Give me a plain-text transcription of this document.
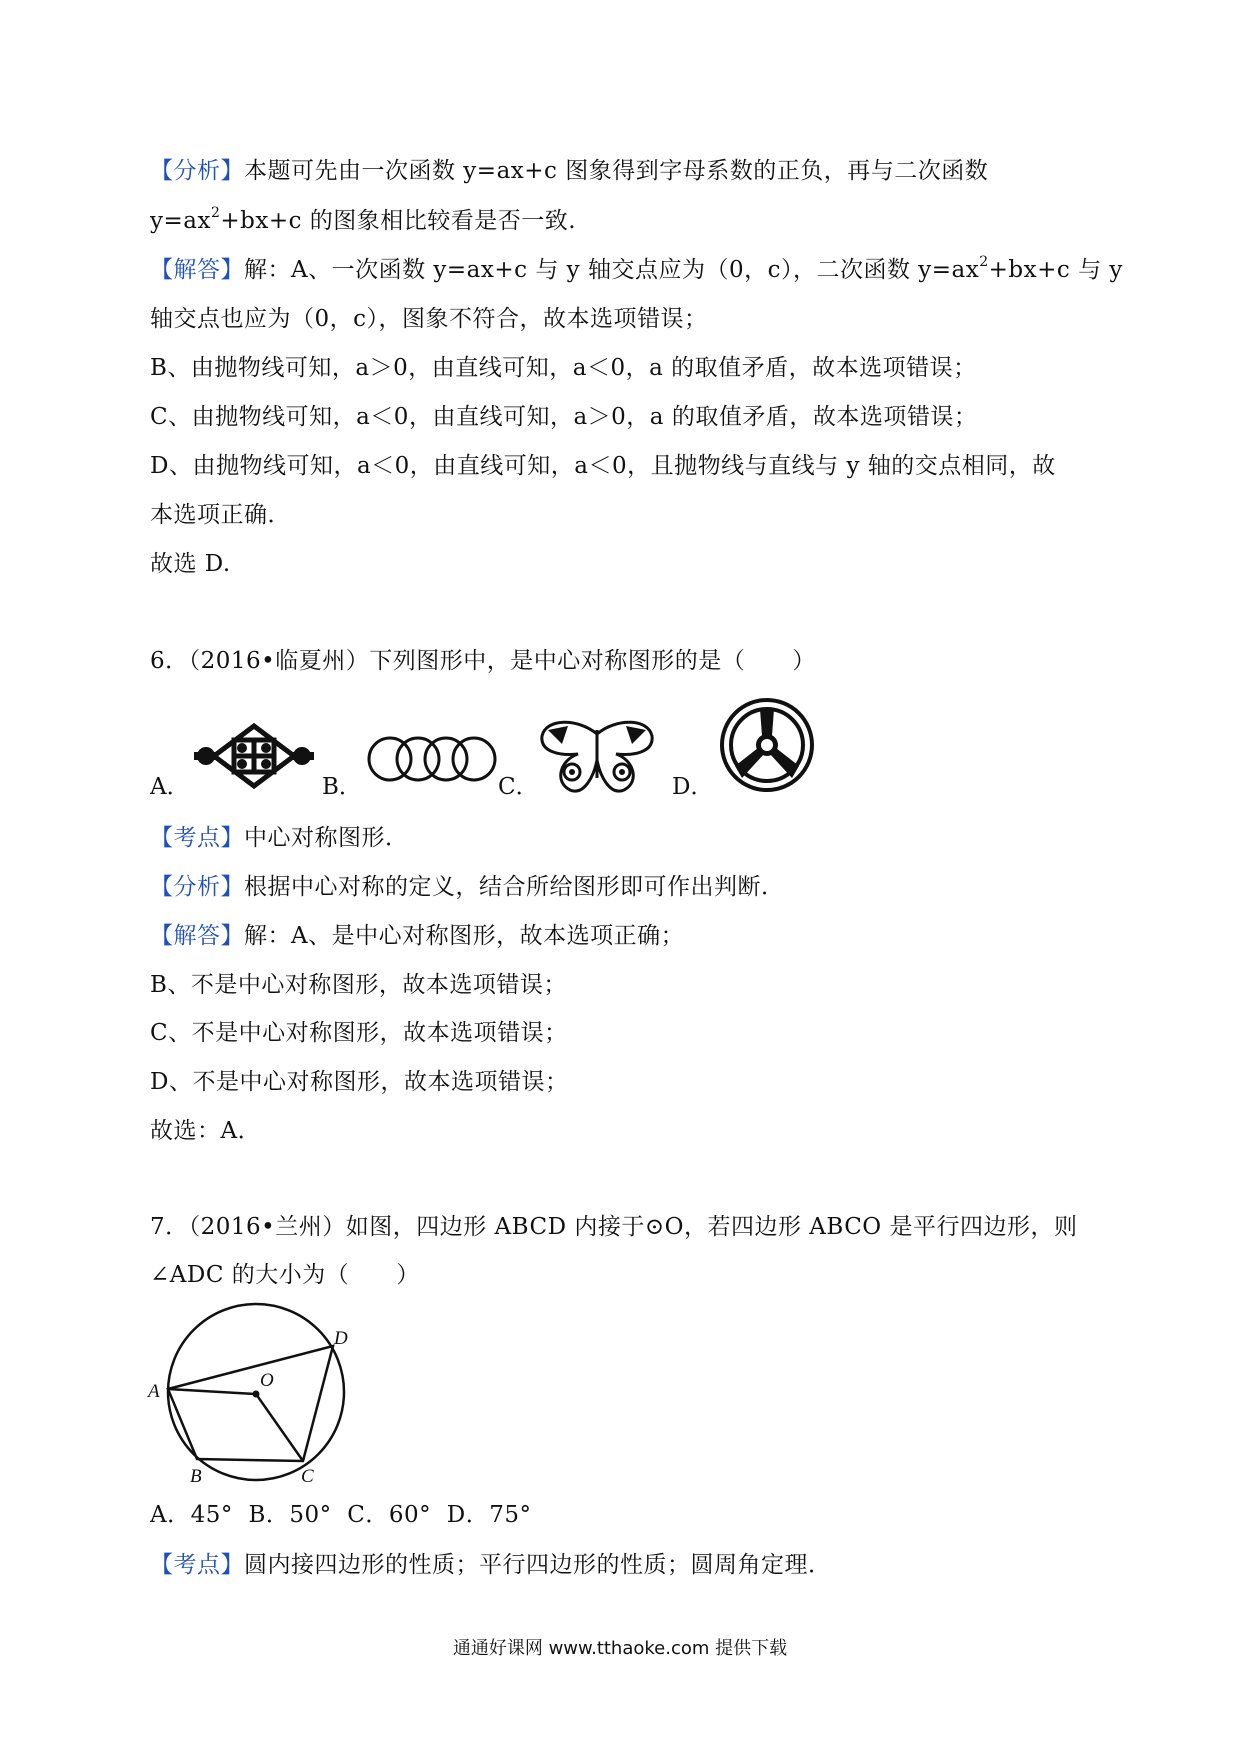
【分析】本题可先由一次函数 y=ax+c 图象得到字母系数的正负，再与二次函数
$y=ax^2+bx+c$ 的图象相比较看是否一致.
【解答】解：A、一次函数 y=ax+c 与 y 轴交点应为（0，c），二次函数 $y=ax^2+bx+c$ 与 y
轴交点也应为（0，c），图象不符合，故本选项错误；
B、由抛物线可知，a＞0，由直线可知，a＜0，a 的取值矛盾，故本选项错误；
C、由抛物线可知，a＜0，由直线可知，a＞0，a 的取值矛盾，故本选项错误；
D、由抛物线可知，a＜0，由直线可知，a＜0，且抛物线与直线与 y 轴的交点相同，故
本选项正确．
故选 D.
6．（2016•临夏州）下列图形中，是中心对称图形的是（　　）
A．	B．	C．	D．
【考点】中心对称图形．
【分析】根据中心对称的定义，结合所给图形即可作出判断．
【解答】解：A、是中心对称图形，故本选项正确；
B、不是中心对称图形，故本选项错误；
C、不是中心对称图形，故本选项错误；
D、不是中心对称图形，故本选项错误；
故选：A．
7．（2016•兰州）如图，四边形 ABCD 内接于⊙O，若四边形 ABCO 是平行四边形，则
∠ADC 的大小为（　　）
A
B	C
D
O
A．45°  B．50°  C．60°  D．75°
【考点】圆内接四边形的性质；平行四边形的性质；圆周角定理．
通通好课网 www.tthaoke.com 提供下载
